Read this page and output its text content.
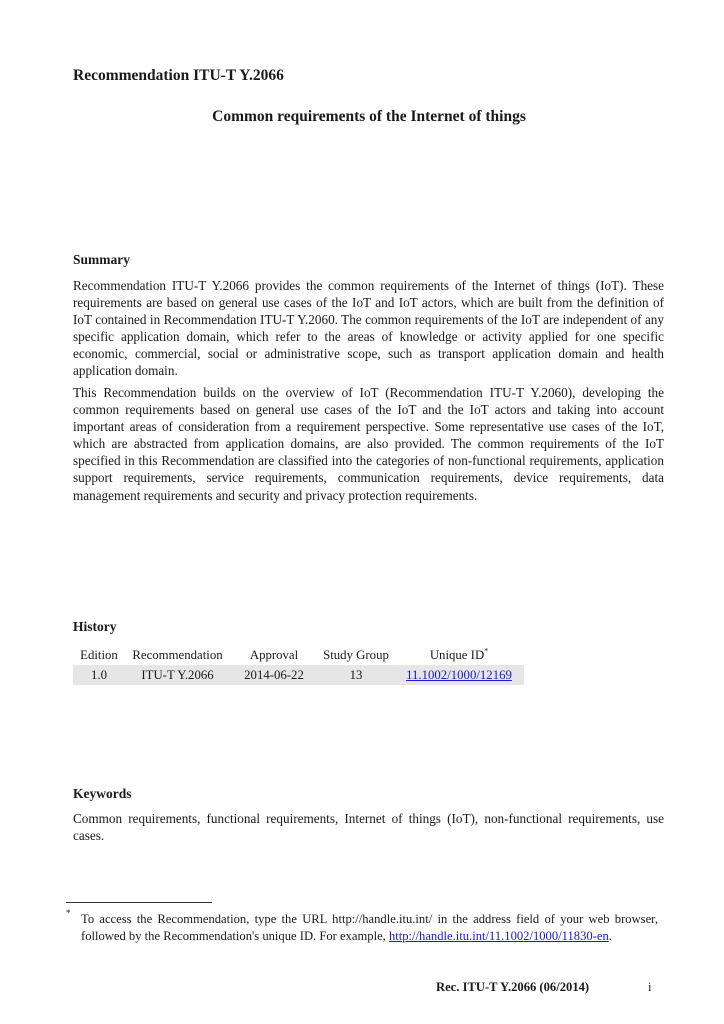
Recommendation ITU-T Y.2066
Common requirements of the Internet of things
Summary

Recommendation ITU-T Y.2066 provides the common requirements of the Internet of things (IoT). These requirements are based on general use cases of the IoT and IoT actors, which are built from the definition of IoT contained in Recommendation ITU-T Y.2060. The common requirements of the IoT are independent of any specific application domain, which refer to the areas of knowledge or activity applied for one specific economic, commercial, social or administrative scope, such as transport application domain and health application domain.

This Recommendation builds on the overview of IoT (Recommendation ITU-T Y.2060), developing the common requirements based on general use cases of the IoT and the IoT actors and taking into account important areas of consideration from a requirement perspective. Some representative use cases of the IoT, which are abstracted from application domains, are also provided. The common requirements of the IoT specified in this Recommendation are classified into the categories of non-functional requirements, application support requirements, service requirements, communication requirements, device requirements, data management requirements and security and privacy protection requirements.

History
Edition	Recommendation	Approval	Study Group	Unique ID*
1.0	ITU-T Y.2066	2014-06-22	13	11.1002/1000/12169
Keywords

Common requirements, functional requirements, Internet of things (IoT), non-functional requirements, use cases.

* To access the Recommendation, type the URL http://handle.itu.int/ in the address field of your web browser, followed by the Recommendation's unique ID. For example, http://handle.itu.int/11.1002/1000/11830-en.

Rec. ITU-T Y.2066 (06/2014)	i
